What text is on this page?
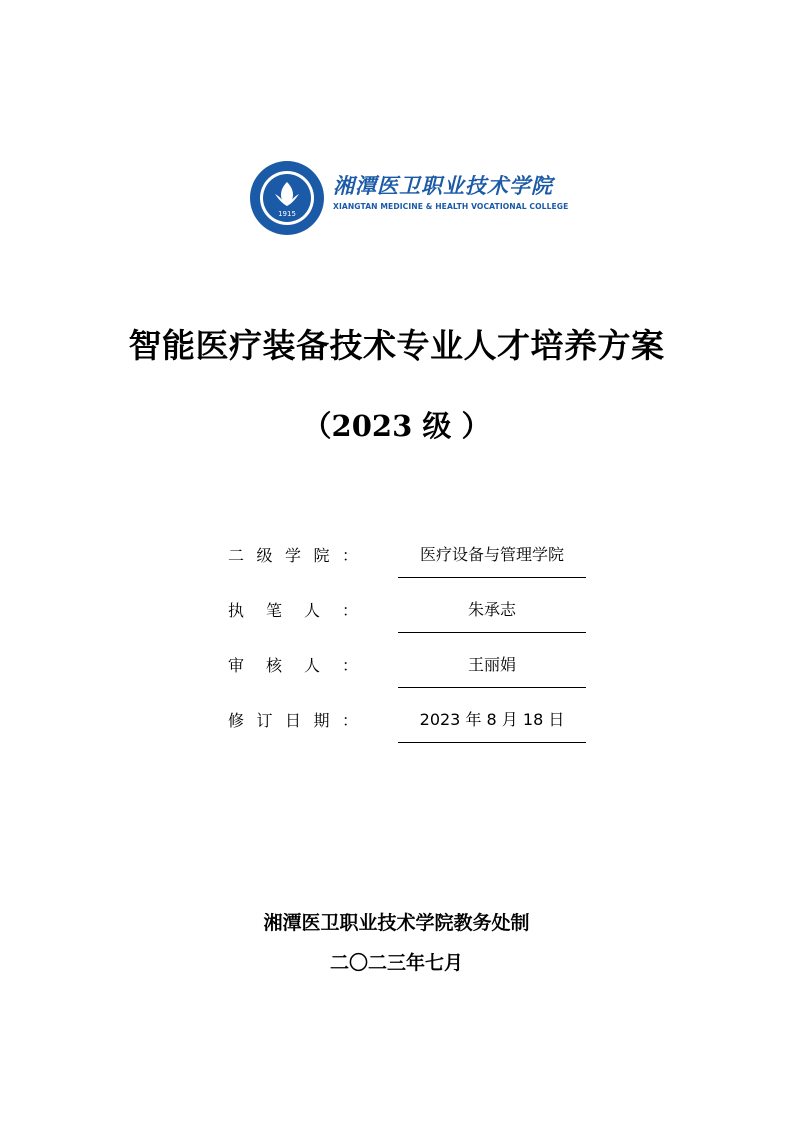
1915
湘潭医卫职业技术学院
XIANGTAN MEDICINE & HEALTH VOCATIONAL COLLEGE
智能医疗装备技术专业人才培养方案
（2023 级 ）
二 级 学 院 ：	医疗设备与管理学院
执 笔 人 ：	朱承志
审 核 人 ：	王丽娟
修 订 日 期 ：	2023 年 8 月 18 日
湘潭医卫职业技术学院教务处制
二〇二三年七月
